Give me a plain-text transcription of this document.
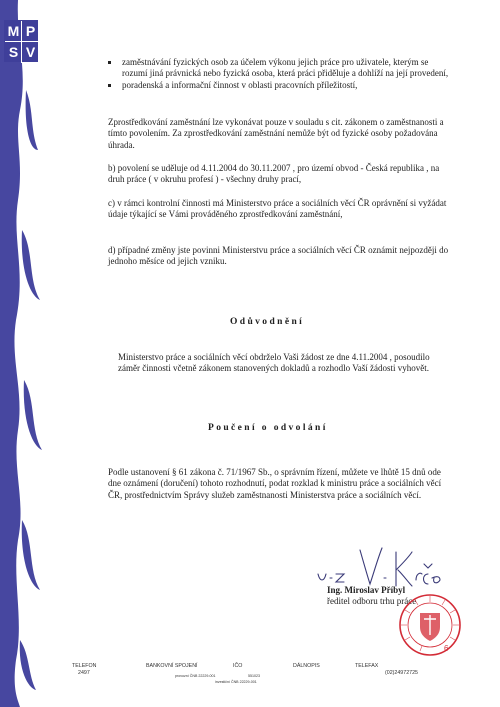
M P
S V
zaměstnávání fyzických osob za účelem výkonu jejich práce pro uživatele, kterým se rozumí jiná právnická nebo fyzická osoba, která práci přiděluje a dohlíží na její provedení,
poradenská a informační činnost v oblasti pracovních příležitostí,
Zprostředkování zaměstnání lze vykonávat pouze v souladu s cit. zákonem o zaměstnanosti a tímto povolením. Za zprostředkování zaměstnání nemůže být od fyzické osoby požadována úhrada.
b) povolení se uděluje od 4.11.2004 do 30.11.2007 , pro území obvod - Česká republika , na druh práce ( v okruhu profesí ) - všechny druhy prací,
c) v rámci kontrolní činnosti má Ministerstvo práce a sociálních věcí ČR oprávnění si vyžádat údaje týkající se Vámi prováděného zprostředkování zaměstnání,
d) případné změny jste povinni Ministerstvu práce a sociálních věcí ČR oznámit nejpozději do jednoho měsíce od jejich vzniku.
Odůvodnění
Ministerstvo práce a sociálních věcí obdrželo Vaši žádost ze dne 4.11.2004 , posoudilo záměr činnosti včetně zákonem stanovených dokladů a rozhodlo Vaší žádosti vyhovět.
Poučení o odvolání
Podle ustanovení § 61 zákona č. 71/1967 Sb., o správním řízení, můžete ve lhůtě 15 dnů ode dne oznámení (doručení) tohoto rozhodnutí, podat rozklad k ministru práce a sociálních věcí ČR, prostřednictvím Správy služeb zaměstnanosti Ministerstva práce a sociálních věcí.
Ing. Miroslav Příbyl
ředitel odboru trhu práce
6
TELEFON
2497
BANKOVNÍ SPOJENÍ
provozní ČNB 22229-001
investiční ČNB 22229-001
IČO
551023
DÁLNOPIS	TELEFAX
(02)24972725
